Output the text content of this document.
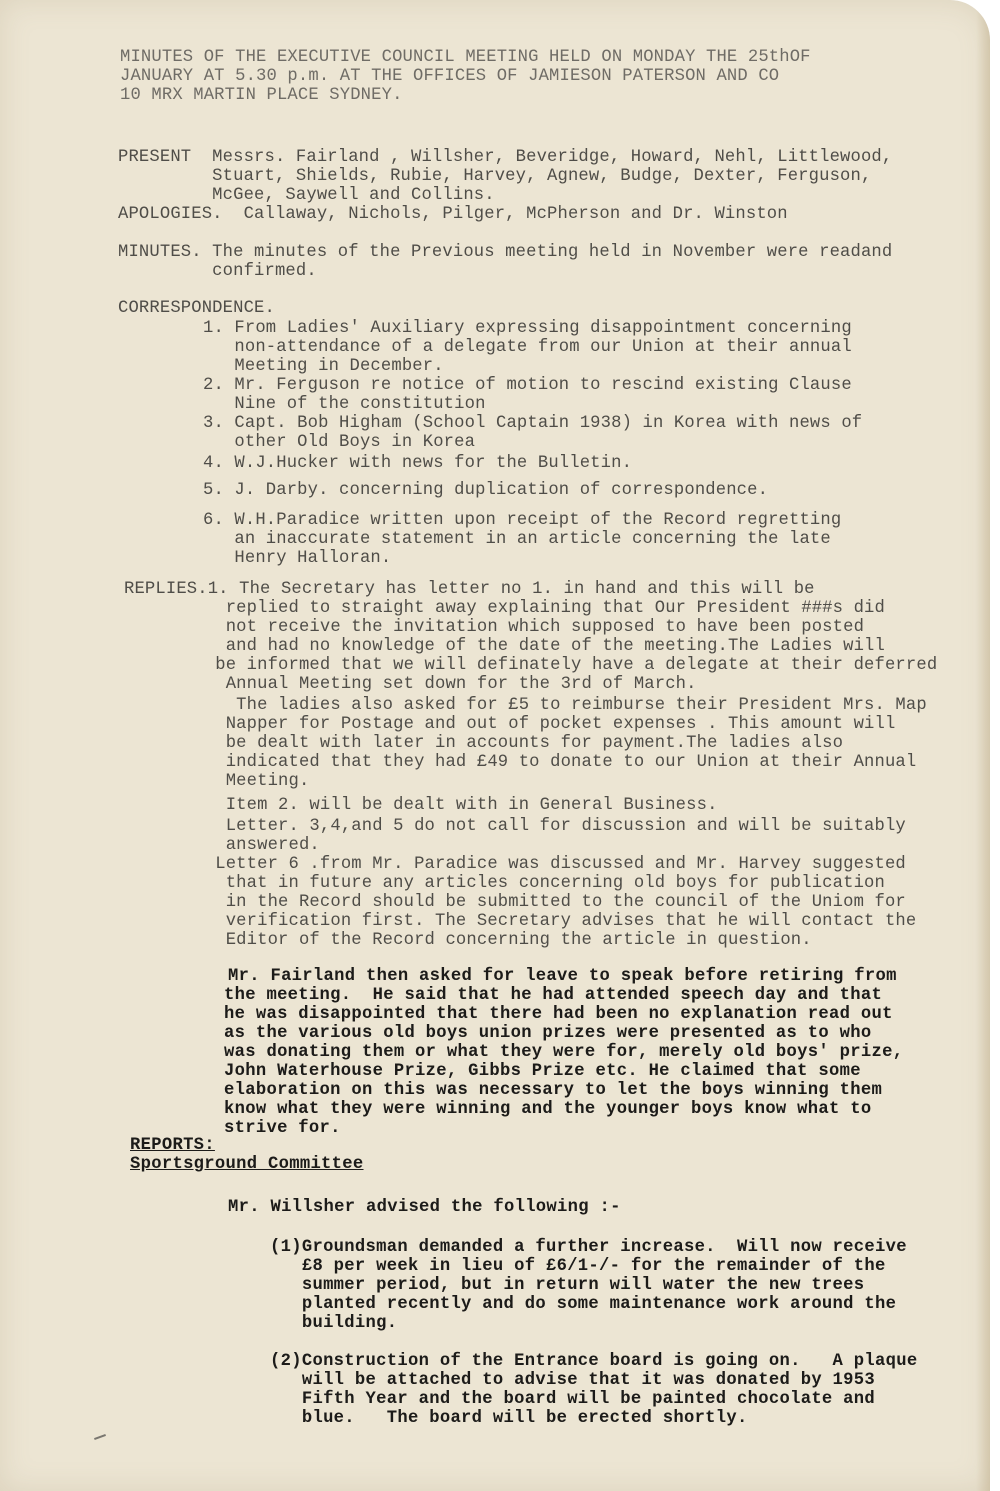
MINUTES OF THE EXECUTIVE COUNCIL MEETING HELD ON MONDAY THE 25thOF
JANUARY AT 5.30 p.m. AT THE OFFICES OF JAMIESON PATERSON AND CO
10 MRX MARTIN PLACE SYDNEY.
PRESENT  Messrs. Fairland , Willsher, Beveridge, Howard, Nehl, Littlewood,
Stuart, Shields, Rubie, Harvey, Agnew, Budge, Dexter, Ferguson,
McGee, Saywell and Collins.
APOLOGIES.  Callaway, Nichols, Pilger, McPherson and Dr. Winston
MINUTES. The minutes of the Previous meeting held in November were readand
confirmed.
CORRESPONDENCE.
1. From Ladies' Auxiliary expressing disappointment concerning
non-attendance of a delegate from our Union at their annual
Meeting in December.
2. Mr. Ferguson re notice of motion to rescind existing Clause
Nine of the constitution
3. Capt. Bob Higham (School Captain 1938) in Korea with news of
other Old Boys in Korea
4. W.J.Hucker with news for the Bulletin.
5. J. Darby. concerning duplication of correspondence.
6. W.H.Paradice written upon receipt of the Record regretting
an inaccurate statement in an article concerning the late
Henry Halloran.
REPLIES.1. The Secretary has letter no 1. in hand and this will be
replied to straight away explaining that Our President ###s did
not receive the invitation which supposed to have been posted
and had no knowledge of the date of the meeting.The Ladies will
be informed that we will definately have a delegate at their deferred
Annual Meeting set down for the 3rd of March.
The ladies also asked for £5 to reimburse their President Mrs. Map
Napper for Postage and out of pocket expenses . This amount will
be dealt with later in accounts for payment.The ladies also
indicated that they had £49 to donate to our Union at their Annual
Meeting.
Item 2. will be dealt with in General Business.
Letter. 3,4,and 5 do not call for discussion and will be suitably
answered.
Letter 6 .from Mr. Paradice was discussed and Mr. Harvey suggested
that in future any articles concerning old boys for publication
in the Record should be submitted to the council of the Uniom for
verification first. The Secretary advises that he will contact the
Editor of the Record concerning the article in question.
Mr. Fairland then asked for leave to speak before retiring from
the meeting.  He said that he had attended speech day and that
he was disappointed that there had been no explanation read out
as the various old boys union prizes were presented as to who
was donating them or what they were for, merely old boys' prize,
John Waterhouse Prize, Gibbs Prize etc. He claimed that some
elaboration on this was necessary to let the boys winning them
know what they were winning and the younger boys know what to
strive for.
REPORTS:
Sportsground Committee
Mr. Willsher advised the following :-
(1)Groundsman demanded a further increase.  Will now receive
£8 per week in lieu of £6/1-/- for the remainder of the
summer period, but in return will water the new trees
planted recently and do some maintenance work around the
building.
(2)Construction of the Entrance board is going on.   A plaque
will be attached to advise that it was donated by 1953
Fifth Year and the board will be painted chocolate and
blue.   The board will be erected shortly.
